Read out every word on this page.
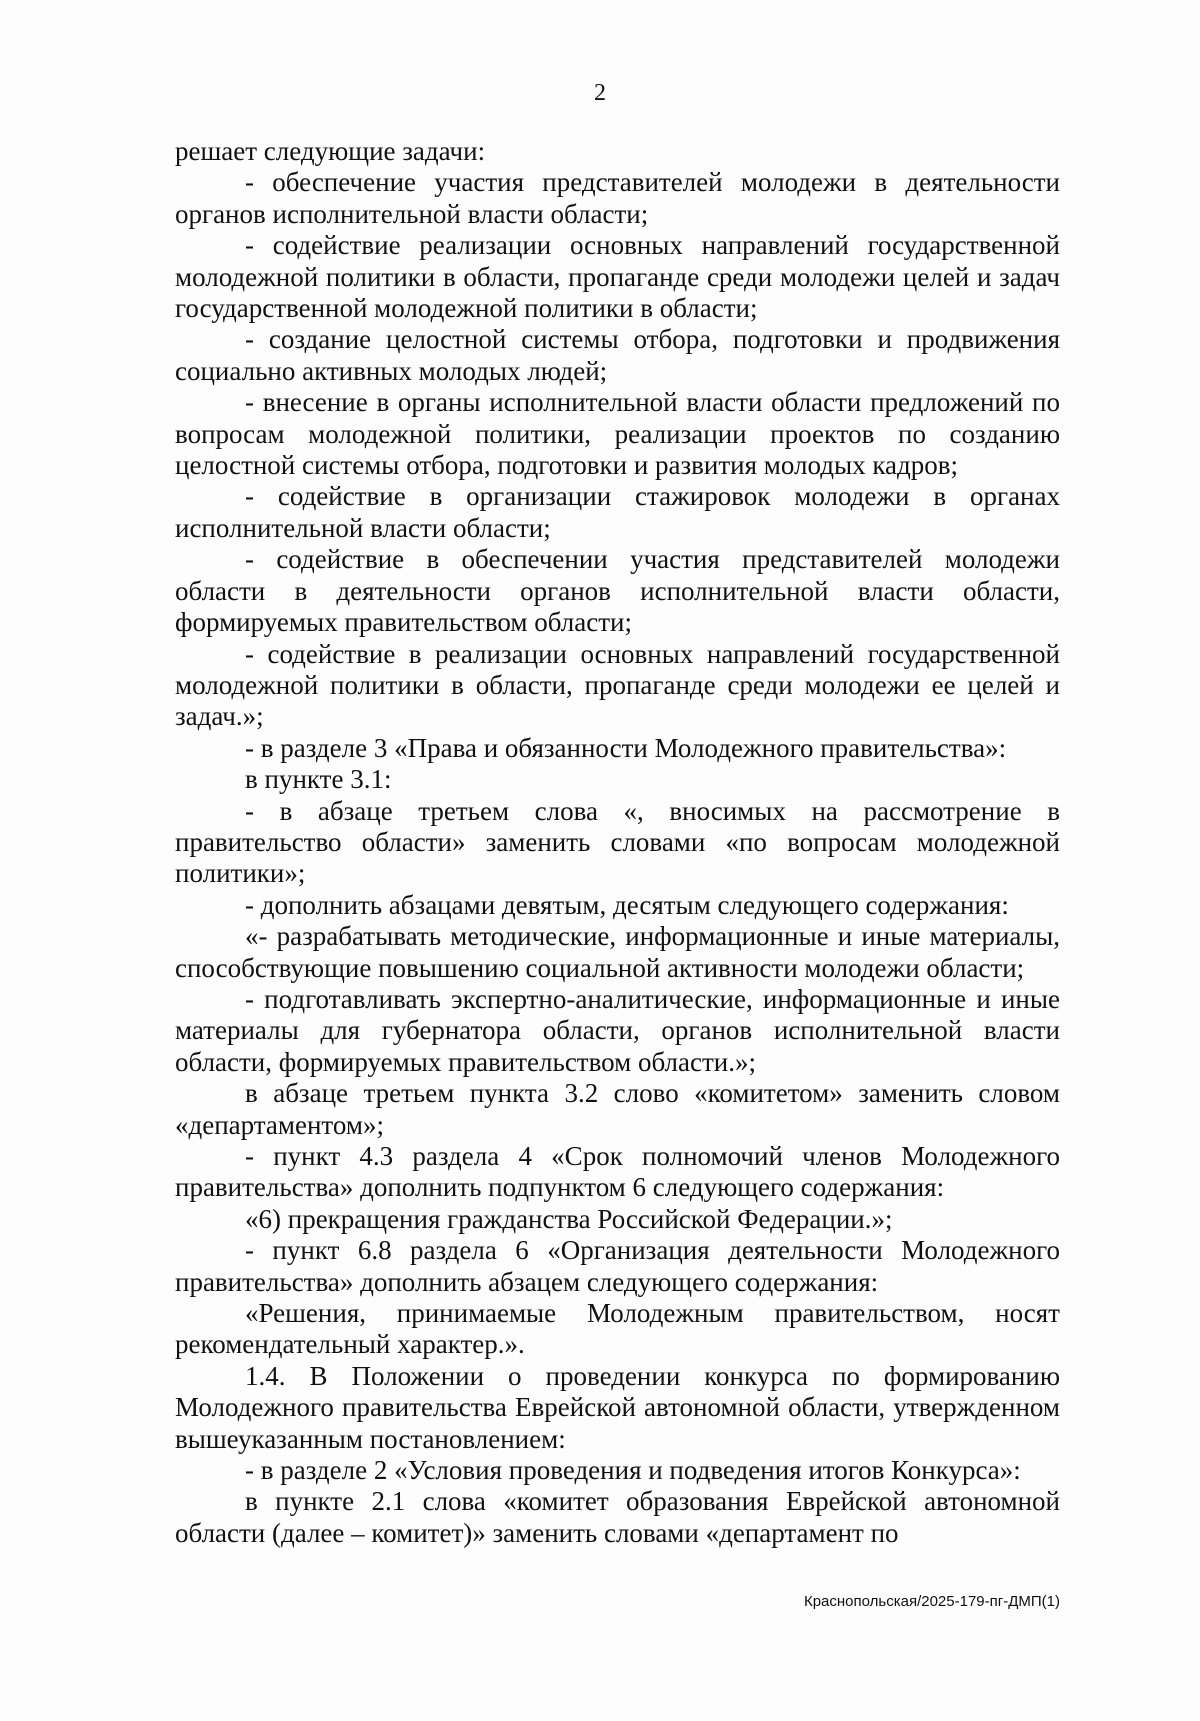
2

решает следующие задачи:

- обеспечение участия представителей молодежи в деятельности органов исполнительной власти области;

- содействие реализации основных направлений государственной молодежной политики в области, пропаганде среди молодежи целей и задач государственной молодежной политики в области;

- создание целостной системы отбора, подготовки и продвижения социально активных молодых людей;

- внесение в органы исполнительной власти области предложений по вопросам молодежной политики, реализации проектов по созданию целостной системы отбора, подготовки и развития молодых кадров;

- содействие в организации стажировок молодежи в органах исполнительной власти области;

- содействие в обеспечении участия представителей молодежи области в деятельности органов исполнительной власти области, формируемых правительством области;

- содействие в реализации основных направлений государственной молодежной политики в области, пропаганде среди молодежи ее целей и задач.»;

- в разделе 3 «Права и обязанности Молодежного правительства»:

в пункте 3.1:

- в абзаце третьем слова «, вносимых на рассмотрение в правительство области» заменить словами «по вопросам молодежной политики»;

- дополнить абзацами девятым, десятым следующего содержания:

«- разрабатывать методические, информационные и иные материалы, способствующие повышению социальной активности молодежи области;

- подготавливать экспертно-аналитические, информационные и иные материалы для губернатора области, органов исполнительной власти области, формируемых правительством области.»;

в абзаце третьем пункта 3.2 слово «комитетом» заменить словом «департаментом»;

- пункт 4.3 раздела 4 «Срок полномочий членов Молодежного правительства» дополнить подпунктом 6 следующего содержания:

«6) прекращения гражданства Российской Федерации.»;

- пункт 6.8 раздела 6 «Организация деятельности Молодежного правительства» дополнить абзацем следующего содержания:

«Решения, принимаемые Молодежным правительством, носят рекомендательный характер.».

1.4. В Положении о проведении конкурса по формированию Молодежного правительства Еврейской автономной области, утвержденном вышеуказанным постановлением:

- в разделе 2 «Условия проведения и подведения итогов Конкурса»:

в пункте 2.1 слова «комитет образования Еврейской автономной области (далее – комитет)» заменить словами «департамент по

Краснопольская/2025-179-пг-ДМП(1)
